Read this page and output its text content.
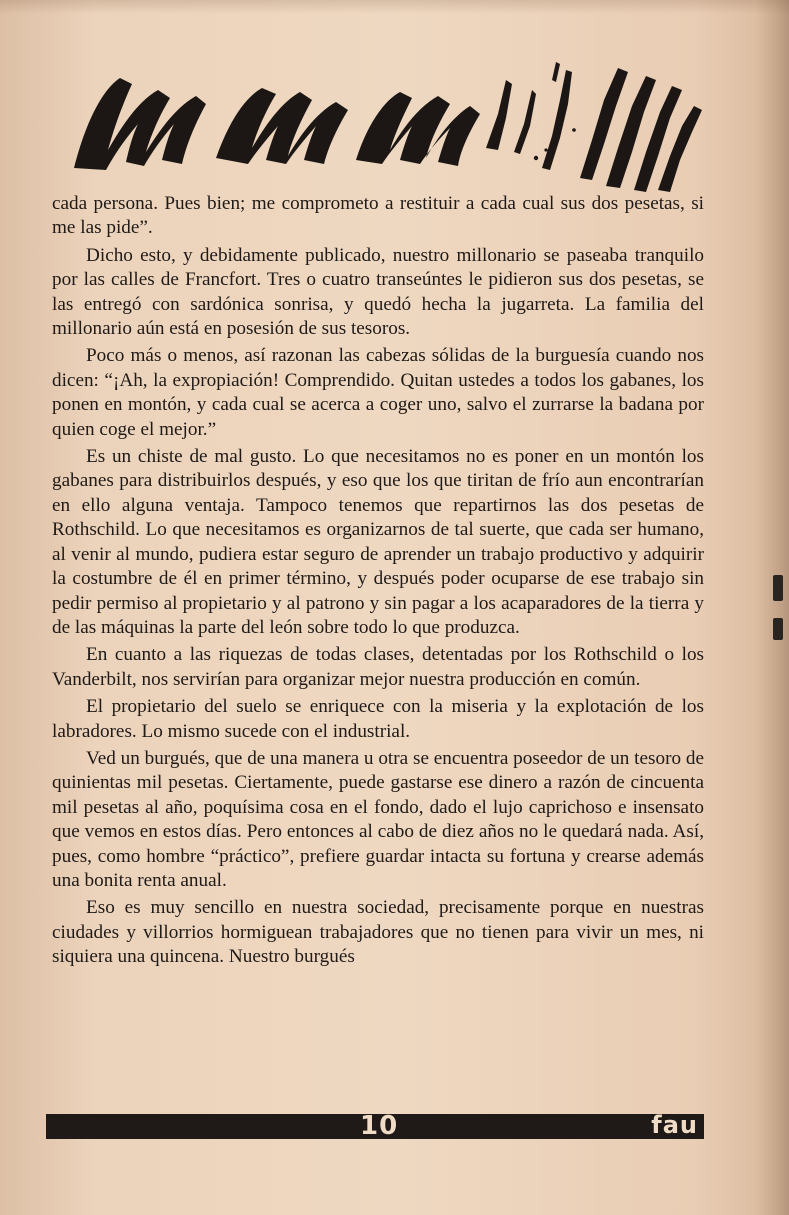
cada persona. Pues bien; me comprometo a restituir a cada cual sus dos pesetas, si me las pide”.

Dicho esto, y debidamente publicado, nuestro millonario se paseaba tranquilo por las calles de Francfort. Tres o cuatro transeúntes le pidieron sus dos pesetas, se las entregó con sardónica sonrisa, y quedó hecha la jugarreta. La familia del millonario aún está en posesión de sus tesoros.

Poco más o menos, así razonan las cabezas sólidas de la burguesía cuando nos dicen: “¡Ah, la expropiación! Comprendido. Quitan ustedes a todos los gabanes, los ponen en montón, y cada cual se acerca a coger uno, salvo el zurrarse la badana por quien coge el mejor.”

Es un chiste de mal gusto. Lo que necesitamos no es poner en un montón los gabanes para distribuirlos después, y eso que los que tiritan de frío aun encontrarían en ello alguna ventaja. Tampoco tenemos que repartirnos las dos pesetas de Rothschild. Lo que necesitamos es organizarnos de tal suerte, que cada ser humano, al venir al mundo, pudiera estar seguro de aprender un trabajo productivo y adquirir la costumbre de él en primer término, y después poder ocuparse de ese trabajo sin pedir permiso al propietario y al patrono y sin pagar a los acaparadores de la tierra y de las máquinas la parte del león sobre todo lo que produzca.

En cuanto a las riquezas de todas clases, detentadas por los Rothschild o los Vanderbilt, nos servirían para organizar mejor nuestra producción en común.

El propietario del suelo se enriquece con la miseria y la explotación de los labradores. Lo mismo sucede con el industrial.

Ved un burgués, que de una manera u otra se encuentra poseedor de un tesoro de quinientas mil pesetas. Ciertamente, puede gastarse ese dinero a razón de cincuenta mil pesetas al año, poquísima cosa en el fondo, dado el lujo caprichoso e insensato que vemos en estos días. Pero entonces al cabo de diez años no le quedará nada. Así, pues, como hombre “práctico”, prefiere guardar intacta su fortuna y crearse además una bonita renta anual.

Eso es muy sencillo en nuestra sociedad, precisamente porque en nuestras ciudades y villorrios hormiguean trabajadores que no tienen para vivir un mes, ni siquiera una quincena. Nuestro burgués

10	fau
